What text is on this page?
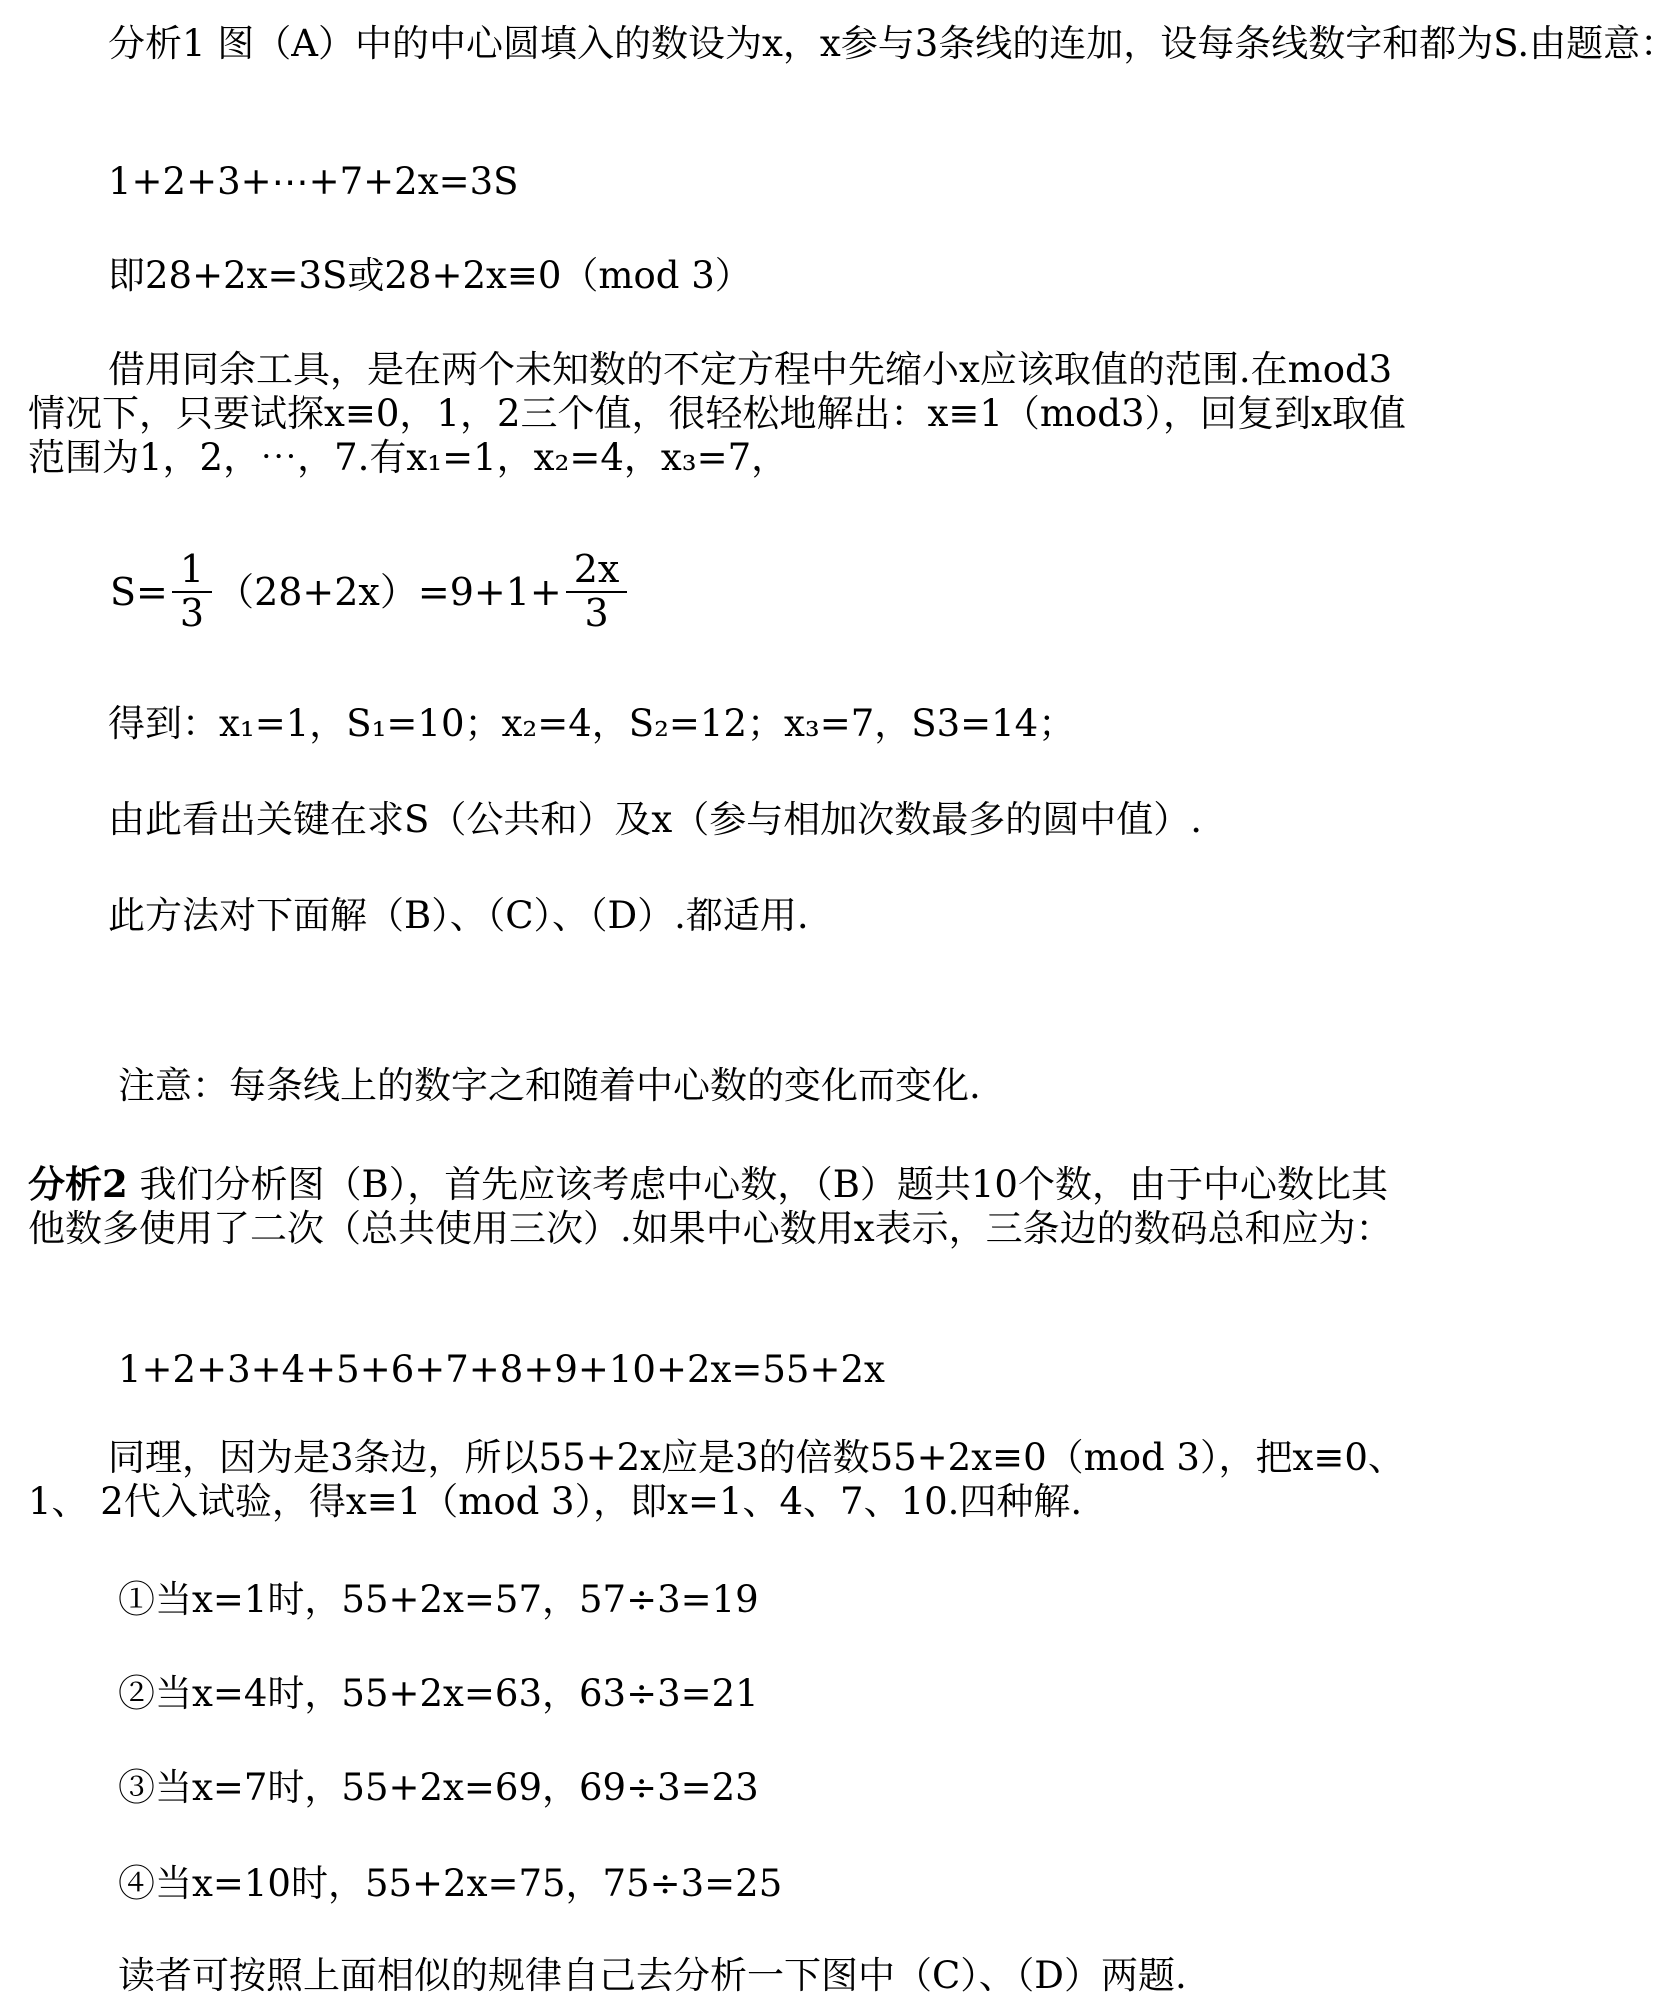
分析1 图（A）中的中心圆填入的数设为x，x参与3条线的连加，设每条线数字和都为S.由题意：

1+2+3+⋯+7+2x=3S

即28+2x=3S或28+2x≡0（mod 3）

借用同余工具，是在两个未知数的不定方程中先缩小x应该取值的范围.在mod3情况下，只要试探x≡0，1，2三个值，很轻松地解出：x≡1（mod3），回复到x取值范围为1，2，⋯，7.有x₁=1，x₂=4，x₃=7，

$S= \frac{1}{3} (28+2x)=9+1+ \frac{2x}{3}$

得到：x₁=1，S₁=10；x₂=4，S₂=12；x₃=7，S3=14；

由此看出关键在求S（公共和）及x（参与相加次数最多的圆中值）.

此方法对下面解（B）、（C）、（D）.都适用.

注意：每条线上的数字之和随着中心数的变化而变化.

分析2 我们分析图（B），首先应该考虑中心数，（B）题共10个数，由于中心数比其他数多使用了二次（总共使用三次）.如果中心数用x表示，三条边的数码总和应为：

1+2+3+4+5+6+7+8+9+10+2x=55+2x

同理，因为是3条边，所以55+2x应是3的倍数55+2x≡0（mod 3），把x≡0、1、 2代入试验，得x≡1（mod 3），即x=1、4、7、10.四种解.

①当x=1时，55+2x=57，57÷3=19

②当x=4时，55+2x=63，63÷3=21

③当x=7时，55+2x=69，69÷3=23

④当x=10时，55+2x=75，75÷3=25

读者可按照上面相似的规律自己去分析一下图中（C）、（D）两题.
